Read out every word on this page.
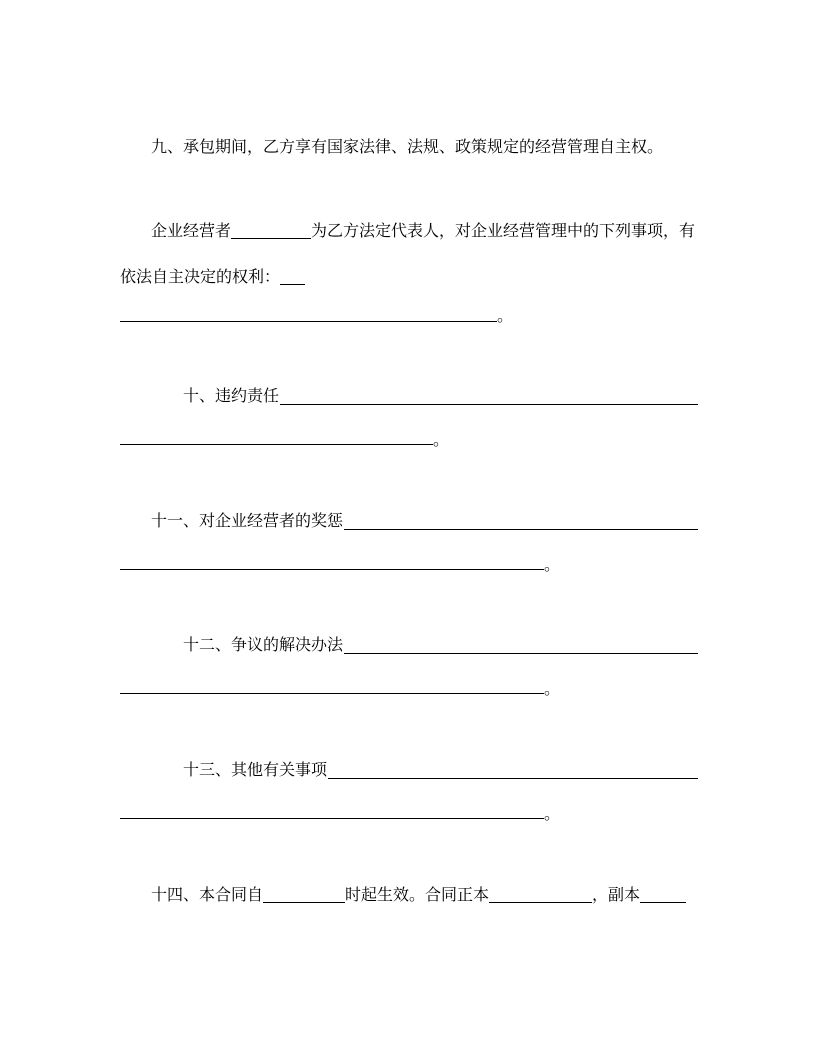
九、承包期间，乙方享有国家法律、法规、政策规定的经营管理自主权。
企业经营者	为乙方法定代表人，对企业经营管理中的下列事项，有
依法自主决定的权利：
。
十、违约责任
。
十一、对企业经营者的奖惩
。
十二、争议的解决办法
。
十三、其他有关事项
。
十四、本合同自	时起生效。合同正本	，副本
